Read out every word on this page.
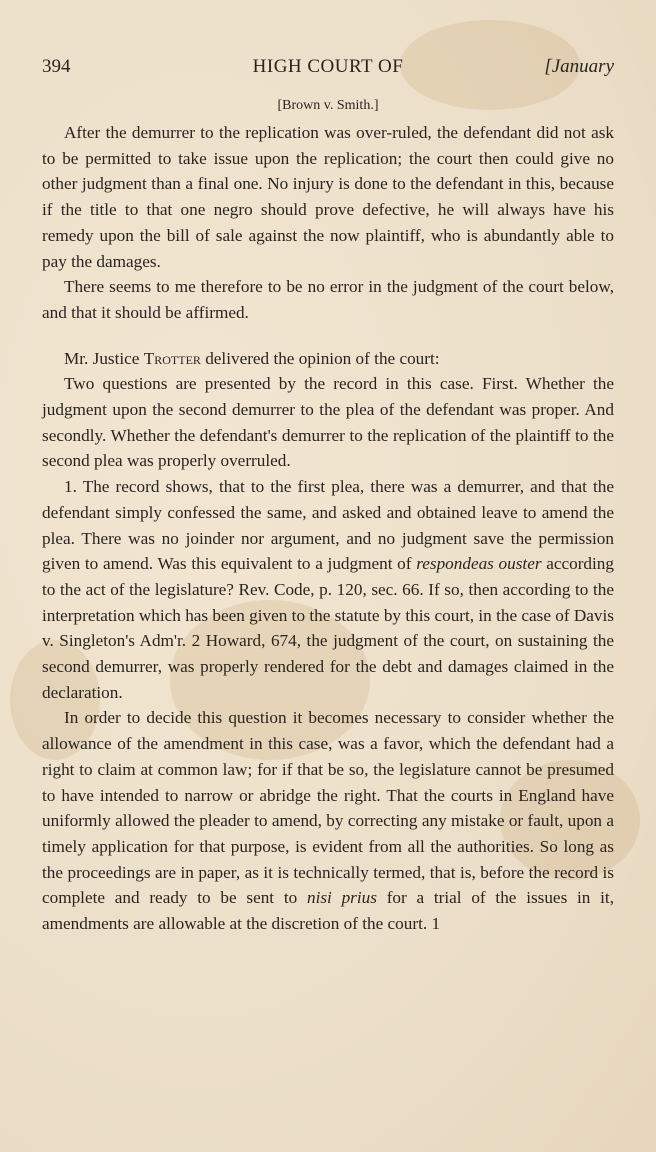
394	HIGH COURT OF	[January
[Brown v. Smith.]

After the demurrer to the replication was over-ruled, the defendant did not ask to be permitted to take issue upon the replication; the court then could give no other judgment than a final one. No injury is done to the defendant in this, because if the title to that one negro should prove defective, he will always have his remedy upon the bill of sale against the now plaintiff, who is abundantly able to pay the damages.

There seems to me therefore to be no error in the judgment of the court below, and that it should be affirmed.

Mr. Justice Trotter delivered the opinion of the court:

Two questions are presented by the record in this case. First. Whether the judgment upon the second demurrer to the plea of the defendant was proper. And secondly. Whether the defendant's demurrer to the replication of the plaintiff to the second plea was properly overruled.

1. The record shows, that to the first plea, there was a demurrer, and that the defendant simply confessed the same, and asked and obtained leave to amend the plea. There was no joinder nor argument, and no judgment save the permission given to amend. Was this equivalent to a judgment of respondeas ouster according to the act of the legislature? Rev. Code, p. 120, sec. 66. If so, then according to the interpretation which has been given to the statute by this court, in the case of Davis v. Singleton's Adm'r. 2 Howard, 674, the judgment of the court, on sustaining the second demurrer, was properly rendered for the debt and damages claimed in the declaration.

In order to decide this question it becomes necessary to consider whether the allowance of the amendment in this case, was a favor, which the defendant had a right to claim at common law; for if that be so, the legislature cannot be presumed to have intended to narrow or abridge the right. That the courts in England have uniformly allowed the pleader to amend, by correcting any mistake or fault, upon a timely application for that purpose, is evident from all the authorities. So long as the proceedings are in paper, as it is technically termed, that is, before the record is complete and ready to be sent to nisi prius for a trial of the issues in it, amendments are allowable at the discretion of the court. 1
